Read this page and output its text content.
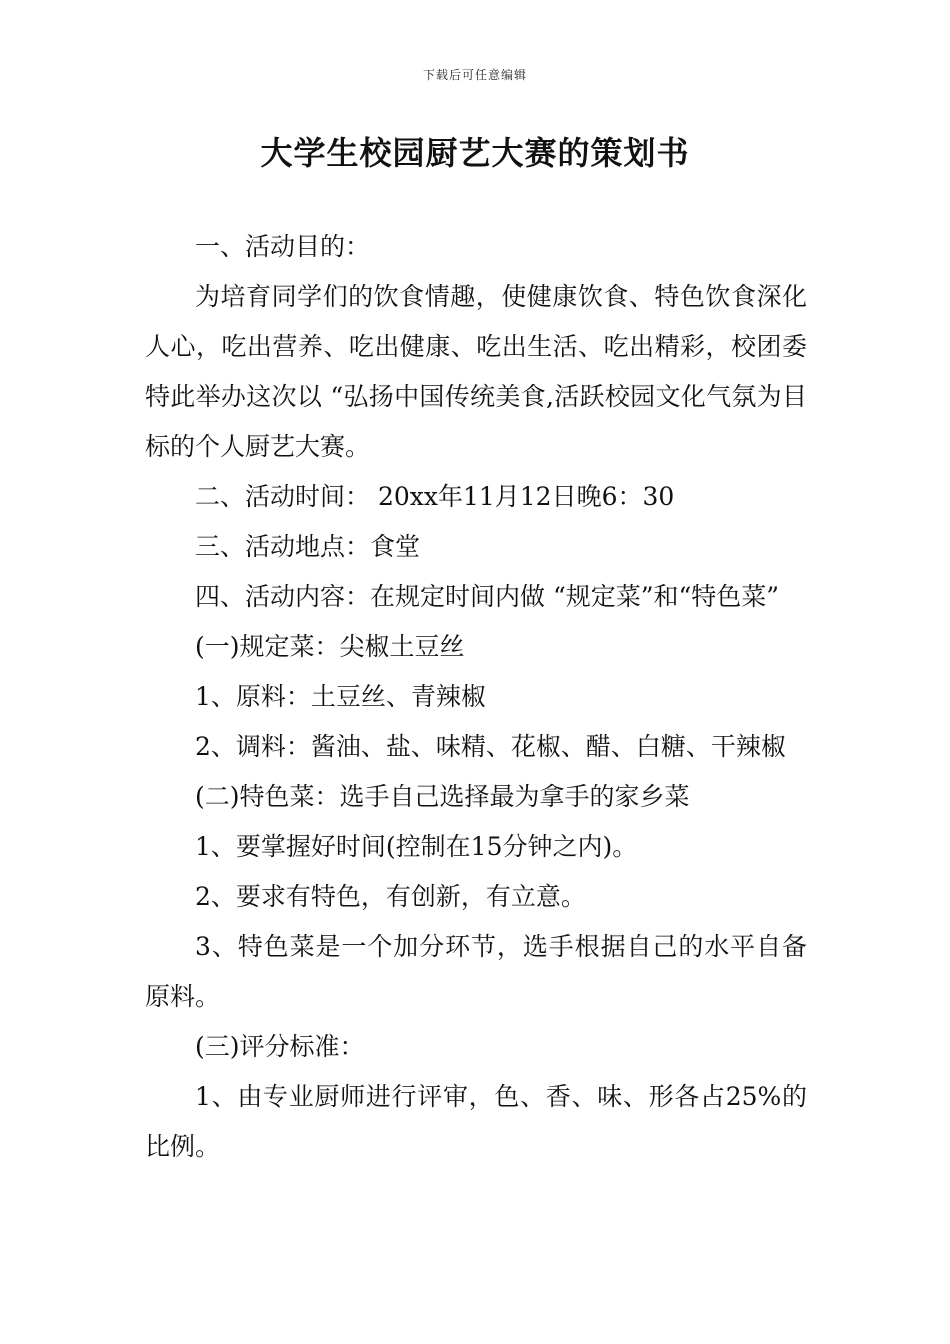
下载后可任意编辑
大学生校园厨艺大赛的策划书

一、活动目的：

为培育同学们的饮食情趣，使健康饮食、特色饮食深化人心，吃出营养、吃出健康、吃出生活、吃出精彩，校团委特此举办这次以 “弘扬中国传统美食,活跃校园文化气氛为目标的个人厨艺大赛。

二、活动时间： 20xx年11月12日晚6：30

三、活动地点：食堂

四、活动内容：在规定时间内做 “规定菜”和“特色菜”

(一)规定菜：尖椒土豆丝

1、原料：土豆丝、青辣椒

2、调料：酱油、盐、味精、花椒、醋、白糖、干辣椒

(二)特色菜：选手自己选择最为拿手的家乡菜

1、要掌握好时间(控制在15分钟之内)。

2、要求有特色，有创新，有立意。

3、特色菜是一个加分环节，选手根据自己的水平自备原料。

(三)评分标准：

1、由专业厨师进行评审，色、香、味、形各占25%的比例。
